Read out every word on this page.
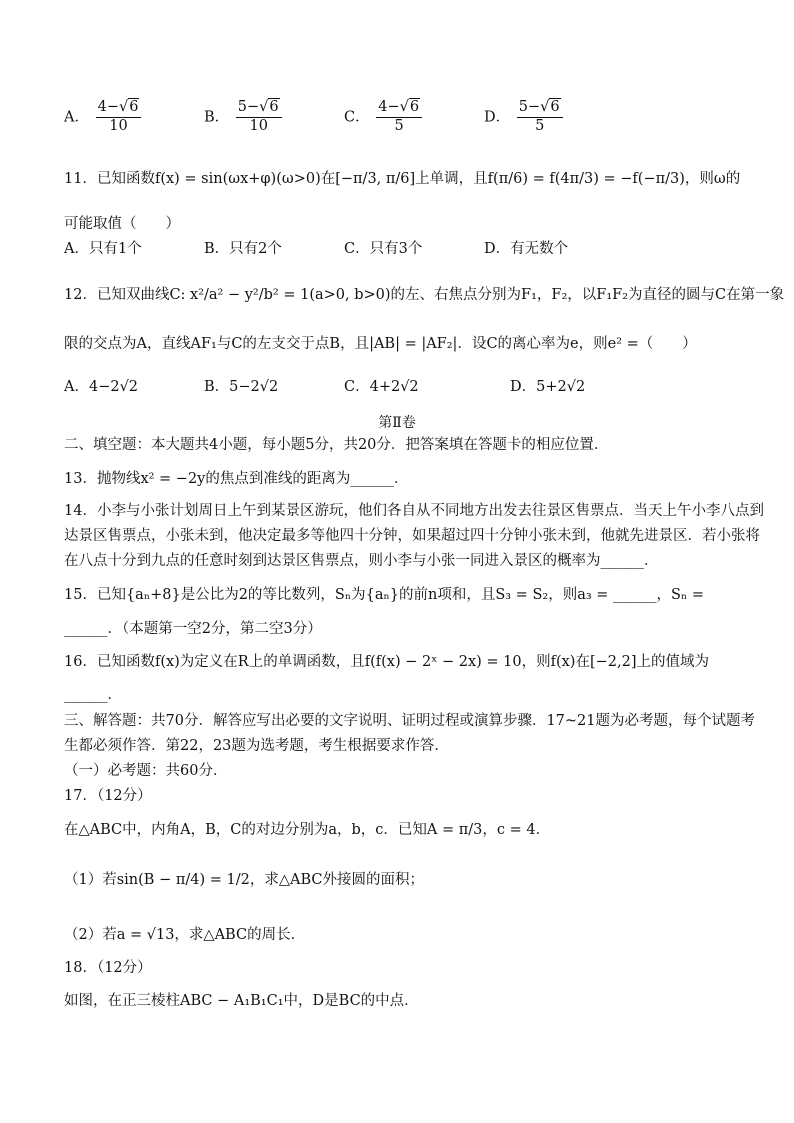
A． $\frac{4-√6}{10}$	B． $\frac{5-√6}{10}$	C． $\frac{4-√6}{5}$	D． $\frac{5-√6}{5}$
11．已知函数f(x) = sin(ωx+φ)(ω>0)在[−π/3, π/6]上单调，且f(π/6) = f(4π/3) = −f(−π/3)，则ω的
可能取值（　　）
A．只有1个	B．只有2个	C．只有3个	D．有无数个
12．已知双曲线C: x²/a² − y²/b² = 1(a>0, b>0)的左、右焦点分别为F₁，F₂，以F₁F₂为直径的圆与C在第一象
限的交点为A，直线AF₁与C的左支交于点B，且|AB| = |AF₂|．设C的离心率为e，则e² =（　　）
A．4−2√2	B．5−2√2	C．4+2√2	D．5+2√2
第Ⅱ卷
二、填空题：本大题共4小题，每小题5分，共20分．把答案填在答题卡的相应位置．
13．抛物线x² = −2y的焦点到准线的距离为______．
14．小李与小张计划周日上午到某景区游玩，他们各自从不同地方出发去往景区售票点．当天上午小李八点到
达景区售票点，小张未到，他决定最多等他四十分钟，如果超过四十分钟小张未到，他就先进景区．若小张将
在八点十分到九点的任意时刻到达景区售票点，则小李与小张一同进入景区的概率为______．
15．已知{aₙ+8}是公比为2的等比数列，Sₙ为{aₙ}的前n项和，且S₃ = S₂，则a₃ = ______，Sₙ =
______．（本题第一空2分，第二空3分）
16．已知函数f(x)为定义在R上的单调函数，且f(f(x) − 2ˣ − 2x) = 10，则f(x)在[−2,2]上的值域为
______．
三、解答题：共70分．解答应写出必要的文字说明、证明过程或演算步骤．17~21题为必考题，每个试题考
生都必须作答．第22，23题为选考题，考生根据要求作答．
（一）必考题：共60分．
17．（12分）
在△ABC中，内角A，B，C的对边分别为a，b，c．已知A = π/3，c = 4．
（1）若sin(B − π/4) = 1/2，求△ABC外接圆的面积；
（2）若a = √13，求△ABC的周长．
18．（12分）
如图，在正三棱柱ABC − A₁B₁C₁中，D是BC的中点．
